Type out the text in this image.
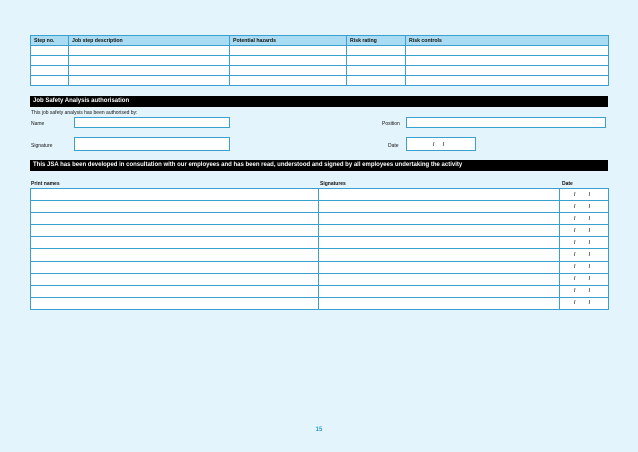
Step no.	Job step description	Potential hazards	Risk rating	Risk controls

Job Safety Analysis authorisation
This job safety analysis has been authorised by:
Name	Position
Signature	Date	/      /
This JSA has been developed in consultation with our employees and has been read, understood and signed by all employees undertaking the activity
Print names	Signatures	Date
		/ /
		/ /
		/ /
		/ /
		/ /
		/ /
		/ /
		/ /
		/ /
		/ /
15
